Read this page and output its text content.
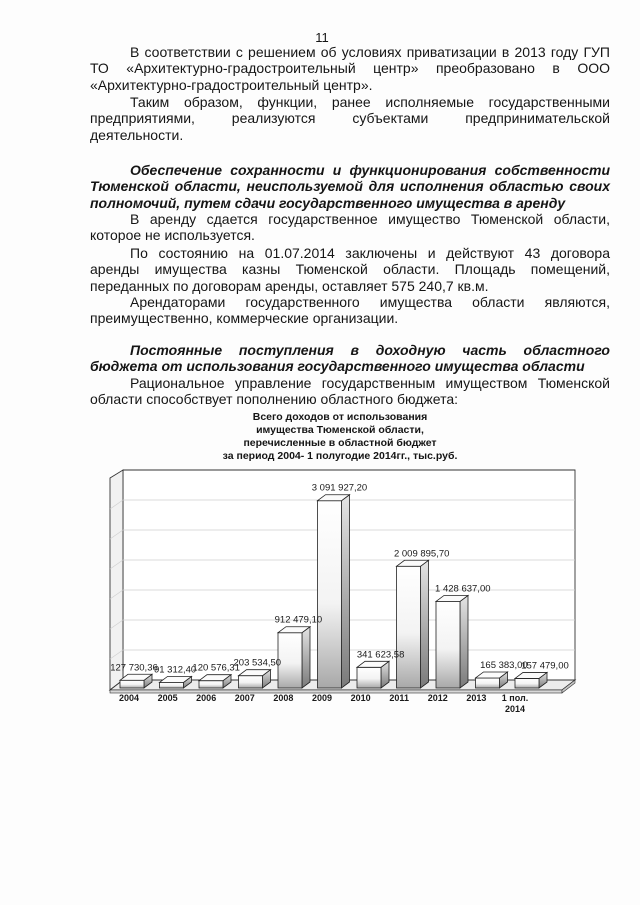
11
В соответствии с решением об условиях приватизации в 2013 году ГУП
ТО «Архитектурно-градостроительный центр» преобразовано в ООО
«Архитектурно-градостроительный центр».
Таким образом, функции, ранее исполняемые государственными
предприятиями, реализуются субъектами предпринимательской
деятельности.
Обеспечение сохранности и функционирования собственности
Тюменской области, неиспользуемой для исполнения областью своих
полномочий, путем сдачи государственного имущества в аренду
В аренду сдается государственное имущество Тюменской области,
которое не используется.
По состоянию на 01.07.2014 заключены и действуют 43 договора
аренды имущества казны Тюменской области. Площадь помещений,
переданных по договорам аренды, оставляет 575 240,7 кв.м.
Арендаторами государственного имущества области являются,
преимущественно, коммерческие организации.
Постоянные поступления в доходную часть областного
бюджета от использования государственного имущества области
Рациональное управление государственным имуществом Тюменской
области способствует пополнению областного бюджета:
Всего доходов от использования
имущества Тюменской области,
перечисленные в областной бюджет
за период 2004- 1 полугодие 2014гг., тыс.руб.
127 730,36
91 312,40
120 576,31
203 534,50
912 479,10
3 091 927,20
341 623,58
2 009 895,70
1 428 637,00
165 383,00
157 479,00
2004 2005 2006 2007 2008 2009 2010 2011 2012 2013 1 пол. 2014
